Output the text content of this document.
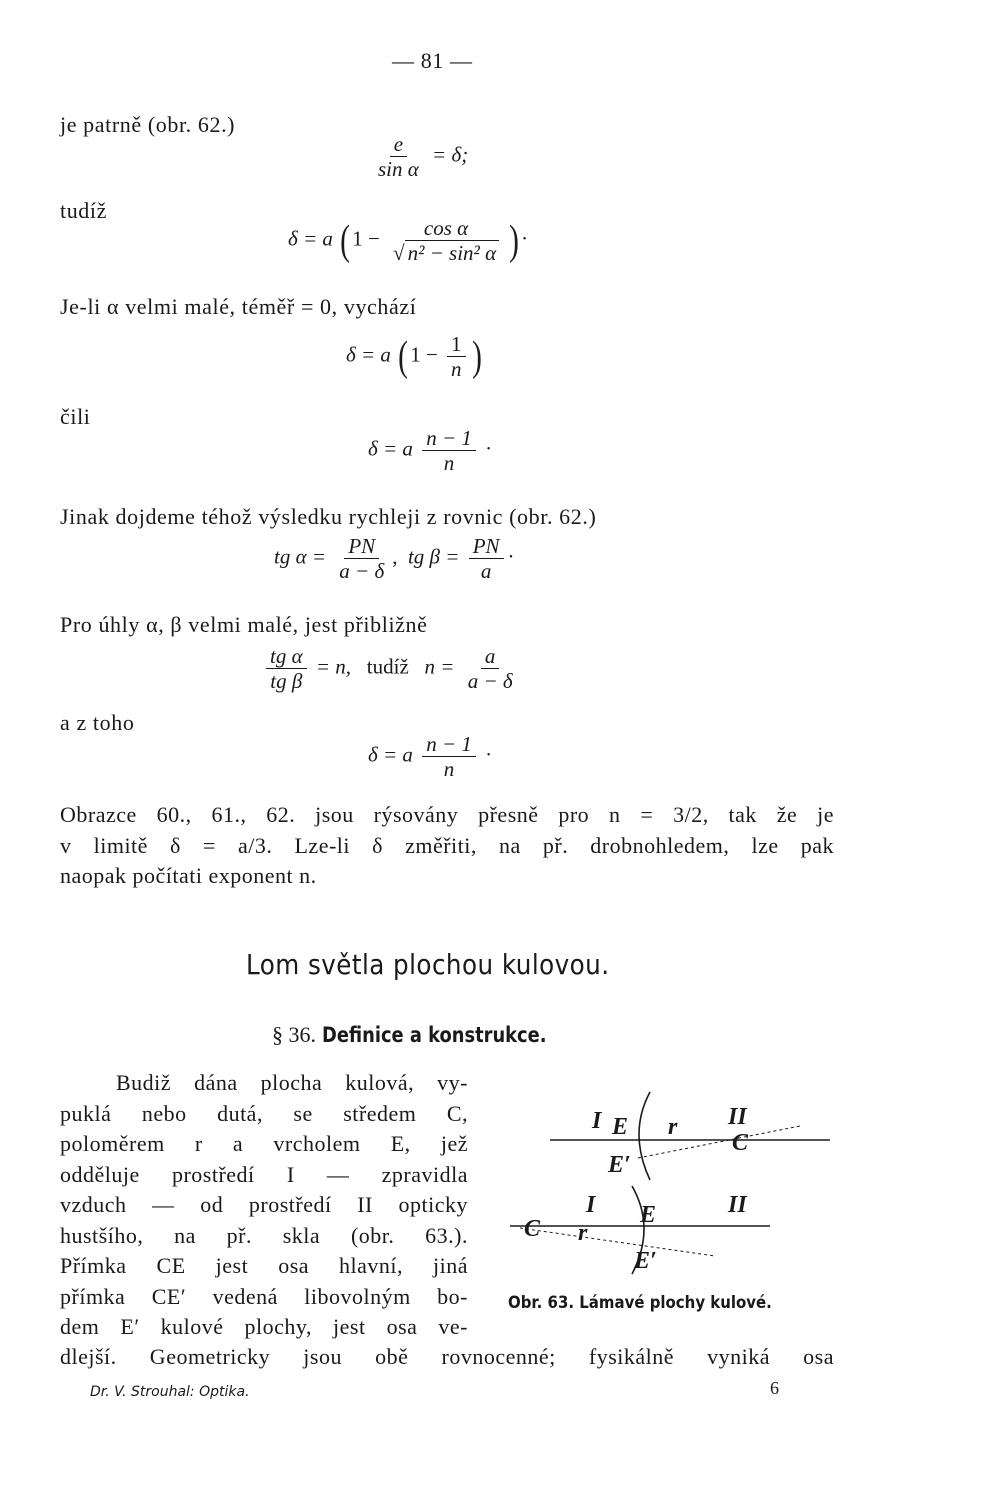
— 81 —
je patrně (obr. 62.)
$\frac{e}{\text{sin α}} = \delta$;
tudíž
δ = a ( $1 - \frac{\text{cos α}}{\text{√ n² − sin² α}}$ )·
Je-li α velmi malé, téměř = 0, vychází
δ = a ( $1 - \frac{1}{n}$ )
čili
δ = a $\frac{n - 1}{n}$ ·
Jinak dojdeme téhož výsledku rychleji z rovnic (obr. 62.)
tg $\alpha = \frac{PN}{a - \delta}$ , tg $\beta = \frac{PN}{a}$ ·
Pro úhly α, β velmi malé, jest přibližně
$\frac{\text{tg α}}{\text{tg β}} = n$, tudíž $n = \frac{a}{a - \delta}$
a z toho
δ = a $\frac{n - 1}{n}$ ·
Obrazce 60., 61., 62. jsou rýsovány přesně pro n = 3/2, tak že je
v limitě δ = a/3. Lze-li δ změřiti, na př. drobnohledem, lze pak
naopak počítati exponent n.
Lom světla plochou kulovou.
§ 36. Definice a konstrukce.
Budiž dána plocha kulová, vy-
puklá nebo dutá, se středem C,
poloměrem r a vrcholem E, jež
odděluje prostředí I — zpravidla
vzduch — od prostředí II opticky
hustšího, na př. skla (obr. 63.).
Přímka CE jest osa hlavní, jiná
přímka CE′ vedená libovolným bo-
dem E′ kulové plochy, jest osa ve-
dlejší. Geometricky jsou obě rovnocenné; fysikálně vyniká osa
I E r II
C
E′
I E	II
C r
E′
Obr. 63. Lámavé plochy kulové.
Dr. V. Strouhal: Optika.	6
